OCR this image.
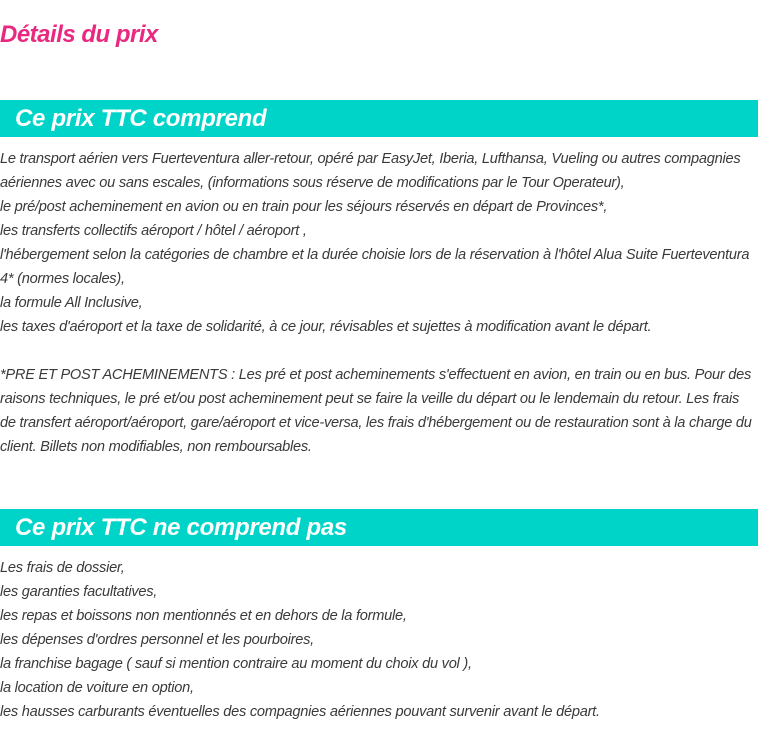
Détails du prix
Ce prix TTC comprend

Le transport aérien vers Fuerteventura aller-retour, opéré par EasyJet, Iberia, Lufthansa, Vueling ou autres compagnies aériennes avec ou sans escales, (informations sous réserve de modifications par le Tour Operateur),

le pré/post acheminement en avion ou en train pour les séjours réservés en départ de Provinces*,

les transferts collectifs aéroport / hôtel / aéroport ,

l'hébergement selon la catégories de chambre et la durée choisie lors de la réservation à l'hôtel Alua Suite Fuerteventura 4* (normes locales),

la formule All Inclusive,

les taxes d'aéroport et la taxe de solidarité, à ce jour, révisables et sujettes à modification avant le départ.

*PRE ET POST ACHEMINEMENTS : Les pré et post acheminements s'effectuent en avion, en train ou en bus. Pour des raisons techniques, le pré et/ou post acheminement peut se faire la veille du départ ou le lendemain du retour. Les frais de transfert aéroport/aéroport, gare/aéroport et vice-versa, les frais d'hébergement ou de restauration sont à la charge du client. Billets non modifiables, non remboursables.

Ce prix TTC ne comprend pas

Les frais de dossier,

les garanties facultatives,

les repas et boissons non mentionnés et en dehors de la formule,

les dépenses d'ordres personnel et les pourboires,

la franchise bagage ( sauf si mention contraire au moment du choix du vol ),

la location de voiture en option,

les hausses carburants éventuelles des compagnies aériennes pouvant survenir avant le départ.
